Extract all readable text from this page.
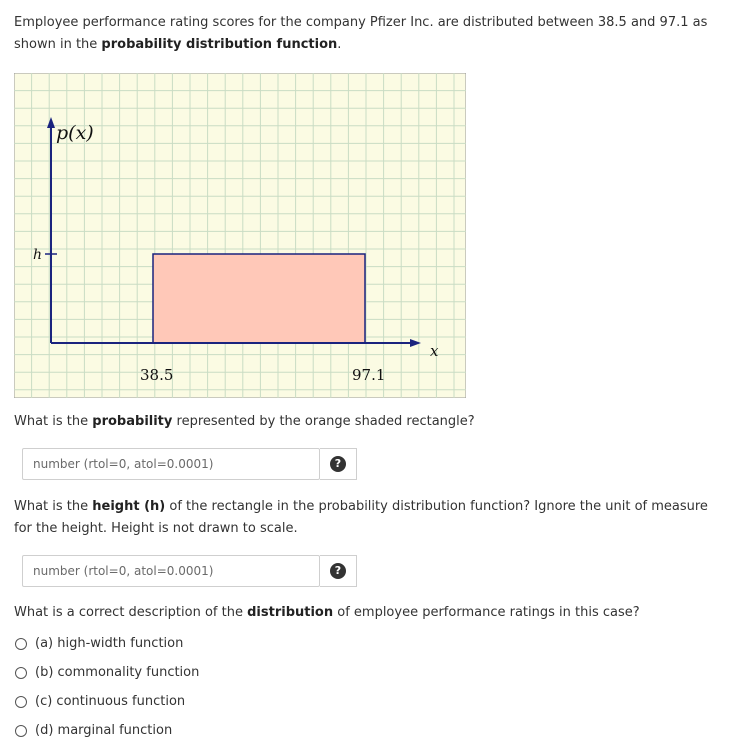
Employee performance rating scores for the company Pfizer Inc. are distributed between 38.5 and 97.1 as shown in the probability distribution function.
p(x)
h
x
38.5	97.1
What is the probability represented by the orange shaded rectangle?
number (rtol=0, atol=0.0001)
?
What is the height (h) of the rectangle in the probability distribution function? Ignore the unit of measure for the height. Height is not drawn to scale.
number (rtol=0, atol=0.0001)
?
What is a correct description of the distribution of employee performance ratings in this case?
(a) high-width function
(b) commonality function
(c) continuous function
(d) marginal function
